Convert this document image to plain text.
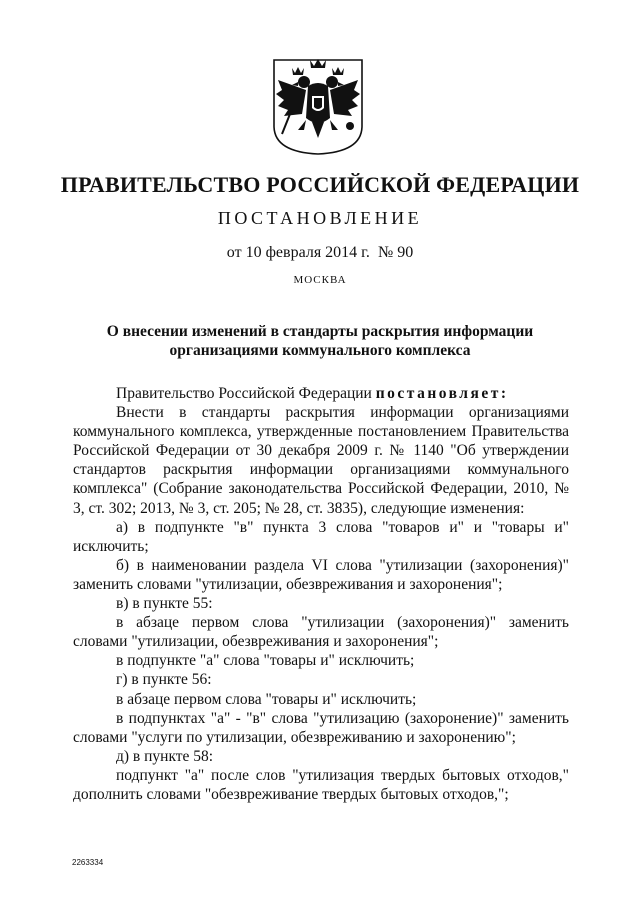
ПРАВИТЕЛЬСТВО РОССИЙСКОЙ ФЕДЕРАЦИИ
ПОСТАНОВЛЕНИЕ
от 10 февраля 2014 г. № 90
МОСКВА
О внесении изменений в стандарты раскрытия информации
организациями коммунального комплекса

Правительство Российской Федерации постановляет:

Внести в стандарты раскрытия информации организациями коммунального комплекса, утвержденные постановлением Правительства Российской Федерации от 30 декабря 2009 г. № 1140 "Об утверждении стандартов раскрытия информации организациями коммунального комплекса" (Собрание законодательства Российской Федерации, 2010, № 3, ст. 302; 2013, № 3, ст. 205; № 28, ст. 3835), следующие изменения:

а) в подпункте "в" пункта 3 слова "товаров и" и "товары и" исключить;

б) в наименовании раздела VI слова "утилизации (захоронения)" заменить словами "утилизации, обезвреживания и захоронения";

в) в пункте 55:

в абзаце первом слова "утилизации (захоронения)" заменить словами "утилизации, обезвреживания и захоронения";

в подпункте "а" слова "товары и" исключить;

г) в пункте 56:

в абзаце первом слова "товары и" исключить;

в подпунктах "а" - "в" слова "утилизацию (захоронение)" заменить словами "услуги по утилизации, обезвреживанию и захоронению";

д) в пункте 58:

подпункт "а" после слов "утилизация твердых бытовых отходов," дополнить словами "обезвреживание твердых бытовых отходов,";

2263334
